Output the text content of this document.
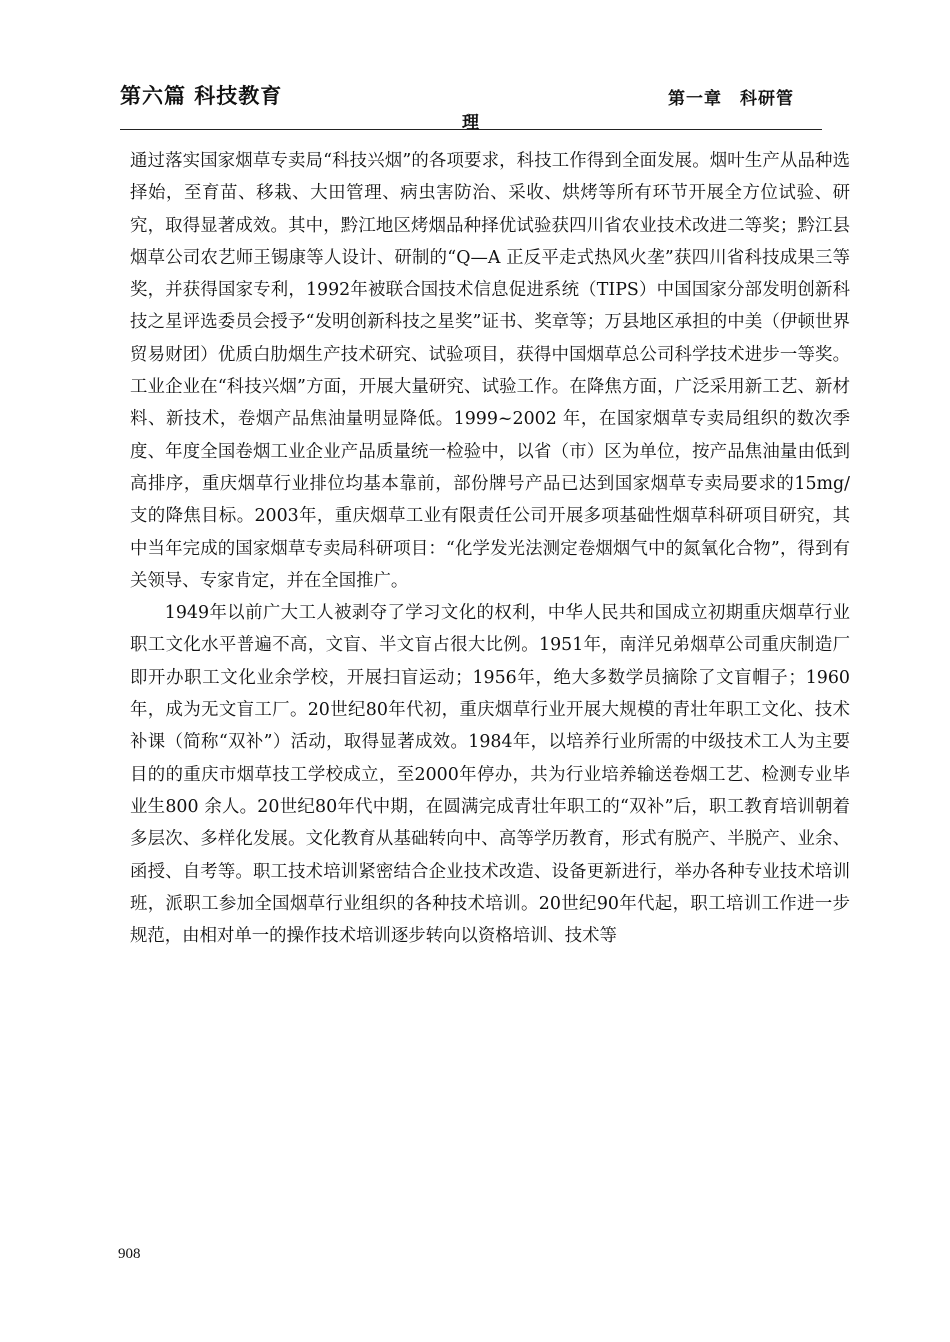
第六篇 科技教育	第一章　科研管
理

通过落实国家烟草专卖局“科技兴烟”的各项要求，科技工作得到全面发展。烟叶生产从品种选择始，至育苗、移栽、大田管理、病虫害防治、采收、烘烤等所有环节开展全方位试验、研究，取得显著成效。其中，黔江地区烤烟品种择优试验获四川省农业技术改进二等奖；黔江县烟草公司农艺师王锡康等人设计、研制的“Q—A 正反平走式热风火垄”获四川省科技成果三等奖，并获得国家专利，1992年被联合国技术信息促进系统（TIPS）中国国家分部发明创新科技之星评选委员会授予“发明创新科技之星奖”证书、奖章等；万县地区承担的中美（伊顿世界贸易财团）优质白肋烟生产技术研究、试验项目，获得中国烟草总公司科学技术进步一等奖。工业企业在“科技兴烟”方面，开展大量研究、试验工作。在降焦方面，广泛采用新工艺、新材料、新技术，卷烟产品焦油量明显降低。1999~2002 年，在国家烟草专卖局组织的数次季度、年度全国卷烟工业企业产品质量统一检验中，以省（市）区为单位，按产品焦油量由低到高排序，重庆烟草行业排位均基本靠前，部份牌号产品已达到国家烟草专卖局要求的15mg/ 支的降焦目标。2003年，重庆烟草工业有限责任公司开展多项基础性烟草科研项目研究，其中当年完成的国家烟草专卖局科研项目：“化学发光法测定卷烟烟气中的氮氧化合物”，得到有关领导、专家肯定，并在全国推广。

1949年以前广大工人被剥夺了学习文化的权利，中华人民共和国成立初期重庆烟草行业职工文化水平普遍不高，文盲、半文盲占很大比例。1951年，南洋兄弟烟草公司重庆制造厂即开办职工文化业余学校，开展扫盲运动；1956年，绝大多数学员摘除了文盲帽子；1960年，成为无文盲工厂。20世纪80年代初，重庆烟草行业开展大规模的青壮年职工文化、技术补课（简称“双补”）活动，取得显著成效。1984年，以培养行业所需的中级技术工人为主要目的的重庆市烟草技工学校成立，至2000年停办，共为行业培养输送卷烟工艺、检测专业毕业生800 余人。20世纪80年代中期，在圆满完成青壮年职工的“双补”后，职工教育培训朝着多层次、多样化发展。文化教育从基础转向中、高等学历教育，形式有脱产、半脱产、业余、函授、自考等。职工技术培训紧密结合企业技术改造、设备更新进行，举办各种专业技术培训班，派职工参加全国烟草行业组织的各种技术培训。20世纪90年代起，职工培训工作进一步规范，由相对单一的操作技术培训逐步转向以资格培训、技术等

908
